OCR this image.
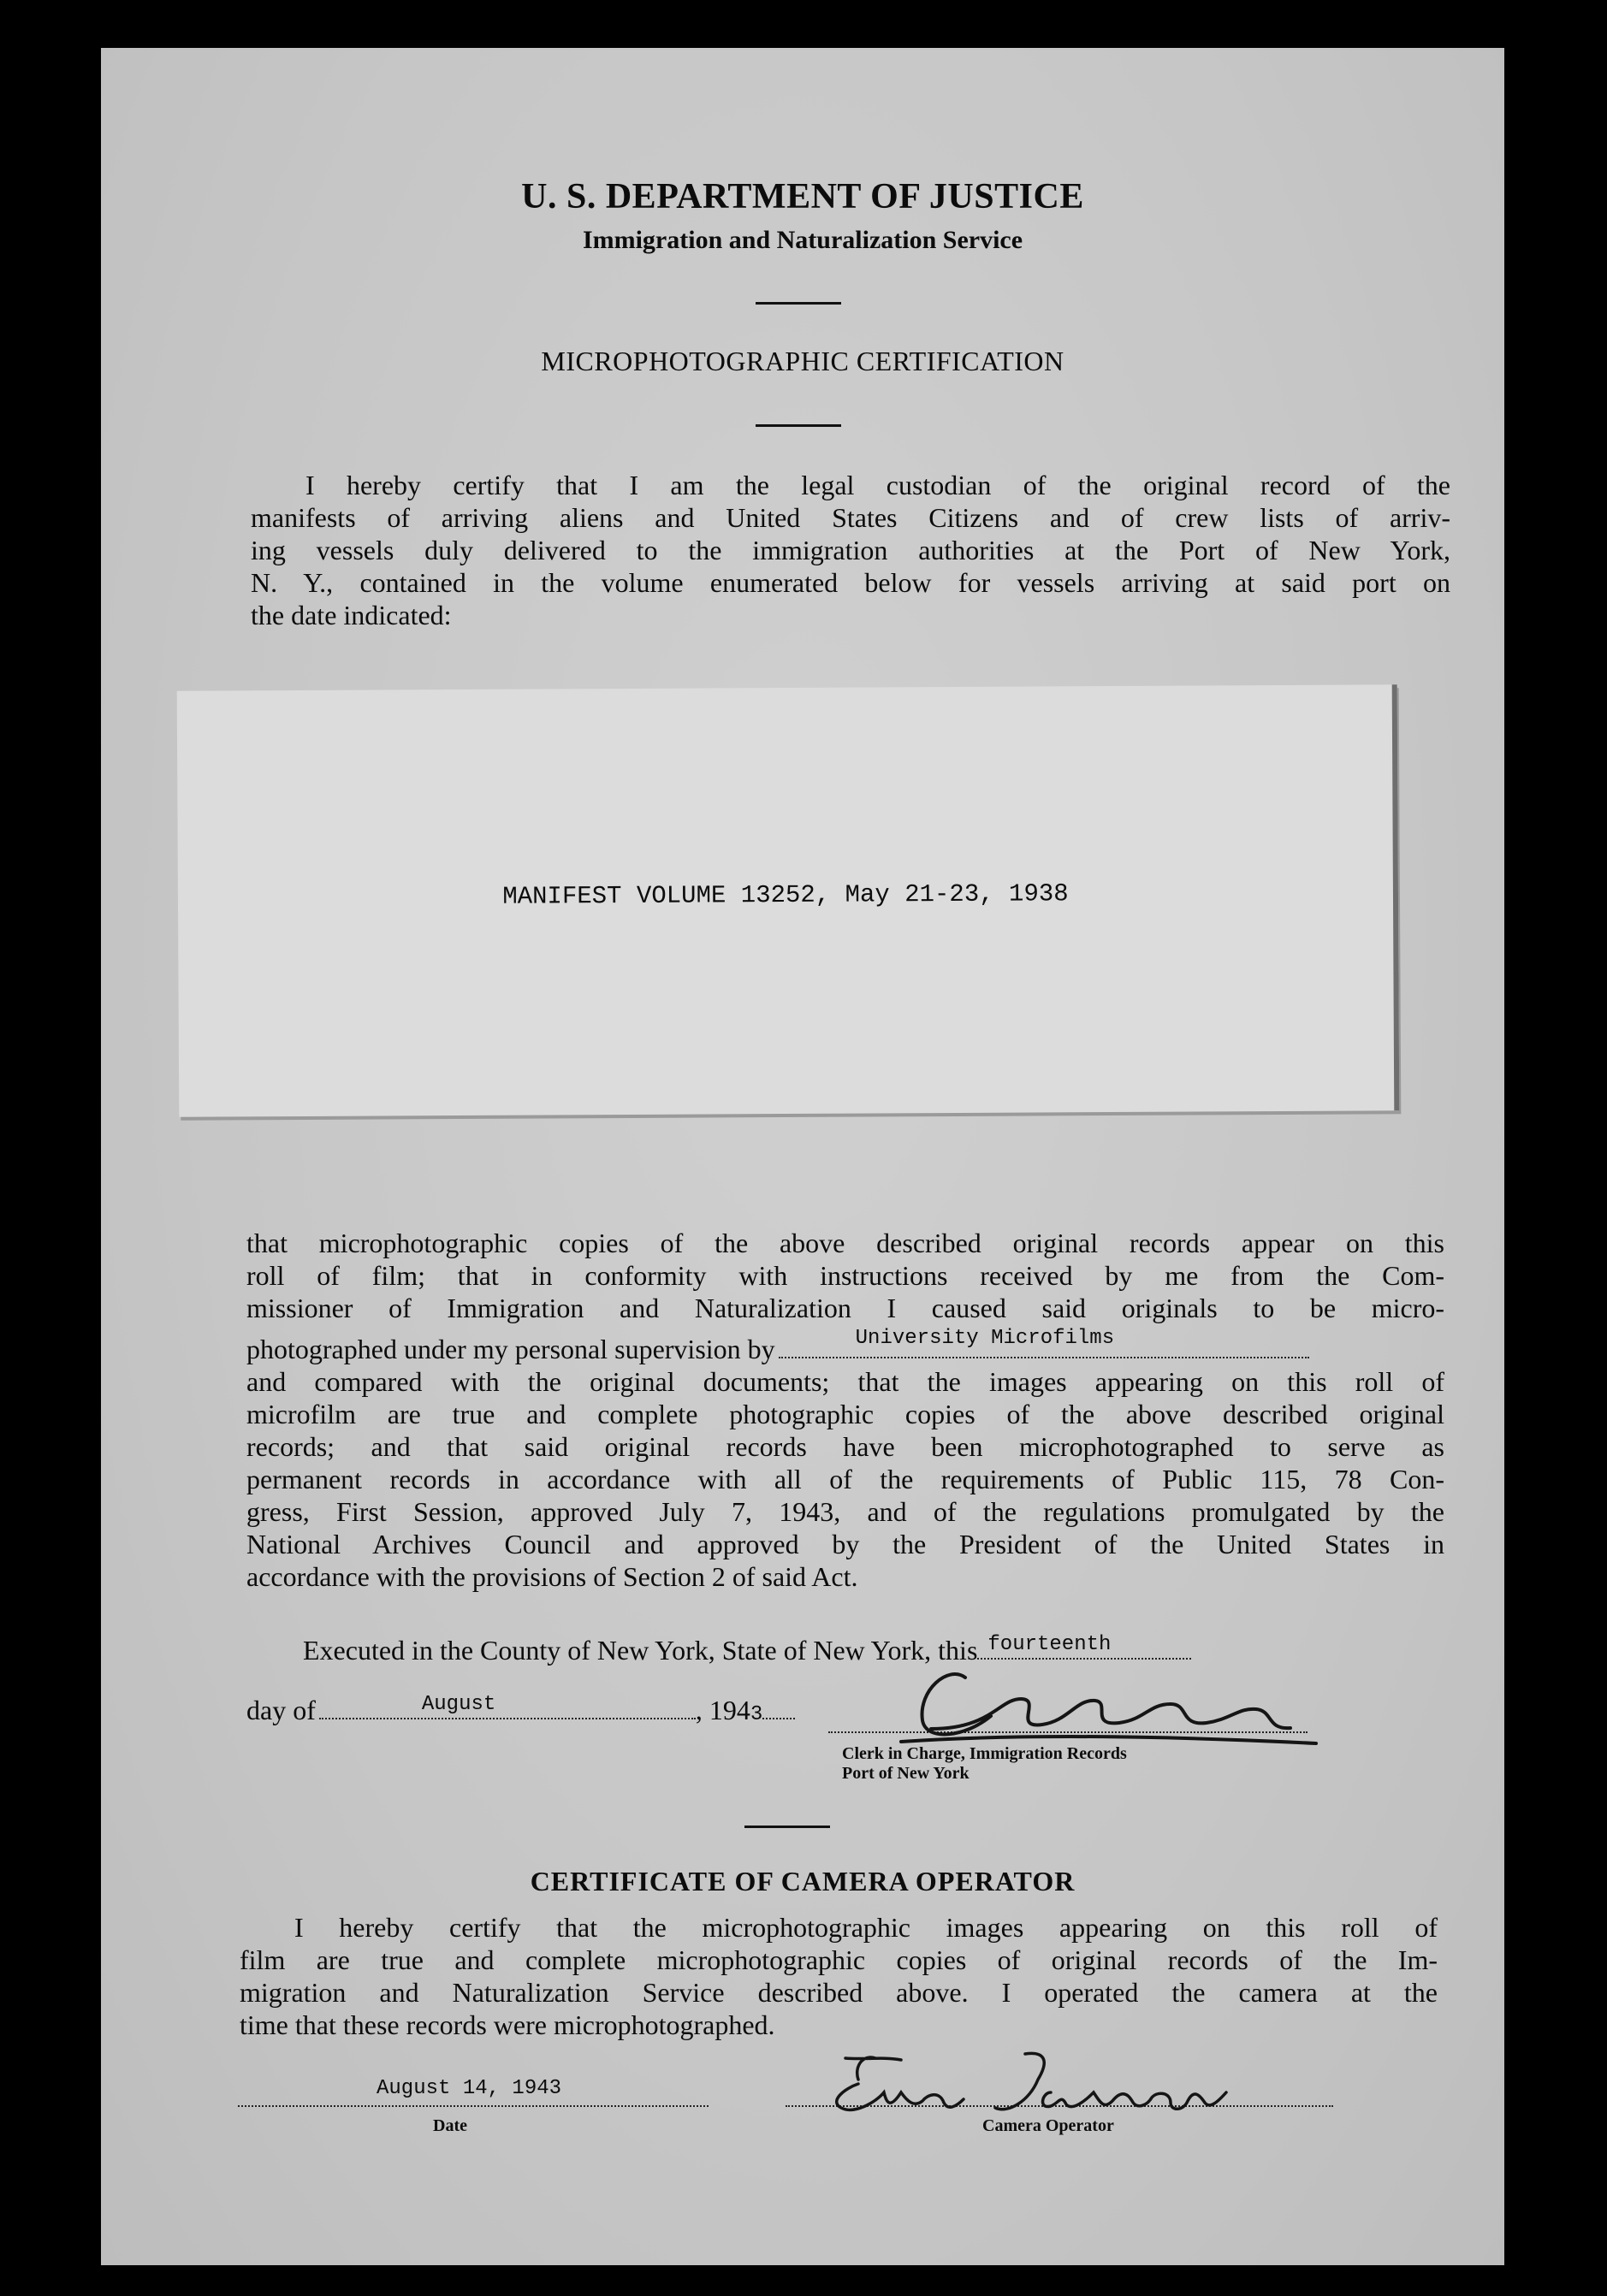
U. S. DEPARTMENT OF JUSTICE
Immigration and Naturalization Service
MICROPHOTOGRAPHIC CERTIFICATION
I hereby certify that I am the legal custodian of the original record of the
manifests of arriving aliens and United States Citizens and of crew lists of arriv-
ing vessels duly delivered to the immigration authorities at the Port of New York,
N. Y., contained in the volume enumerated below for vessels arriving at said port on
the date indicated:
MANIFEST VOLUME 13252, May 21-23, 1938
that microphotographic copies of the above described original records appear on this
roll of film; that in conformity with instructions received by me from the Com-
missioner of Immigration and Naturalization I caused said originals to be micro-
photographed under my personal supervision by	University Microfilms
and compared with the original documents; that the images appearing on this roll of
microfilm are true and complete photographic copies of the above described original
records; and that said original records have been microphotographed to serve as
permanent records in accordance with all of the requirements of Public 115, 78 Con-
gress, First Session, approved July 7, 1943, and of the regulations promulgated by the
National Archives Council and approved by the President of the United States in
accordance with the provisions of Section 2 of said Act.
Executed in the County of New York, State of New York, this fourteenth
day of	August	, 1943
Clerk in Charge, Immigration Records
Port of New York
CERTIFICATE OF CAMERA OPERATOR
I hereby certify that the microphotographic images appearing on this roll of
film are true and complete microphotographic copies of original records of the Im-
migration and Naturalization Service described above. I operated the camera at the
time that these records were microphotographed.
August 14, 1943
Date	Camera Operator
